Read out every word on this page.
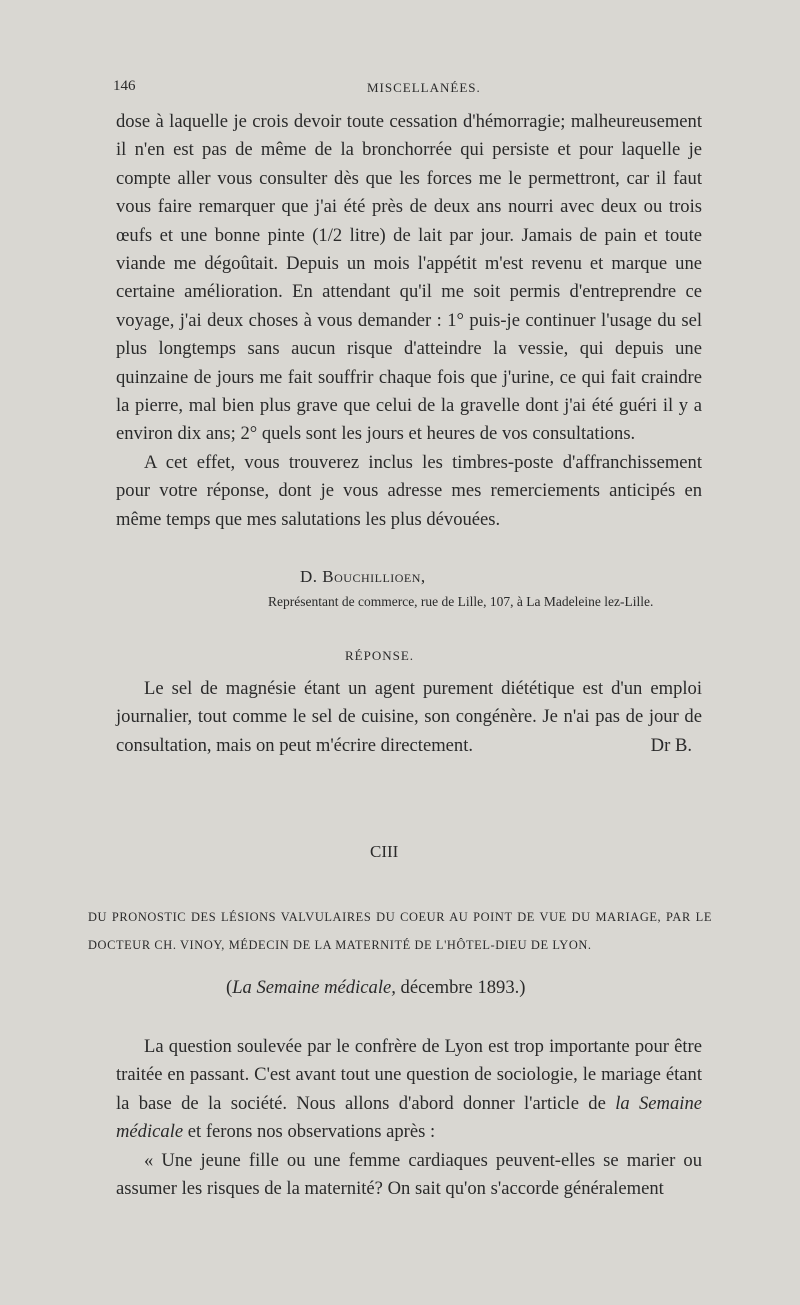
146	MISCELLANÉES.

dose à laquelle je crois devoir toute cessation d'hémorragie; malheureusement il n'en est pas de même de la bronchorrée qui persiste et pour laquelle je compte aller vous consulter dès que les forces me le permettront, car il faut vous faire remarquer que j'ai été près de deux ans nourri avec deux ou trois œufs et une bonne pinte (1/2 litre) de lait par jour. Jamais de pain et toute viande me dégoûtait. Depuis un mois l'appétit m'est revenu et marque une certaine amélioration. En attendant qu'il me soit permis d'entreprendre ce voyage, j'ai deux choses à vous demander : 1° puis-je continuer l'usage du sel plus longtemps sans aucun risque d'atteindre la vessie, qui depuis une quinzaine de jours me fait souffrir chaque fois que j'urine, ce qui fait craindre la pierre, mal bien plus grave que celui de la gravelle dont j'ai été guéri il y a environ dix ans; 2° quels sont les jours et heures de vos consultations.

A cet effet, vous trouverez inclus les timbres-poste d'affranchissement pour votre réponse, dont je vous adresse mes remerciements anticipés en même temps que mes salutations les plus dévouées.

D. Bouchillioen,
Représentant de commerce, rue de Lille, 107, à La Madeleine lez-Lille.
RÉPONSE.

Le sel de magnésie étant un agent purement diététique est d'un emploi journalier, tout comme le sel de cuisine, son congénère. Je n'ai pas de jour de consultation, mais on peut m'écrire directement.	Dr B.

CIII
DU PRONOSTIC DES LÉSIONS VALVULAIRES DU COEUR AU POINT DE VUE DU MARIAGE, PAR LE DOCTEUR CH. VINOY, MÉDECIN DE LA MATERNITÉ DE L'HÔTEL-DIEU DE LYON.
(La Semaine médicale, décembre 1893.)

La question soulevée par le confrère de Lyon est trop importante pour être traitée en passant. C'est avant tout une question de sociologie, le mariage étant la base de la société. Nous allons d'abord donner l'article de la Semaine médicale et ferons nos observations après :

« Une jeune fille ou une femme cardiaques peuvent-elles se marier ou assumer les risques de la maternité? On sait qu'on s'accorde généralement
